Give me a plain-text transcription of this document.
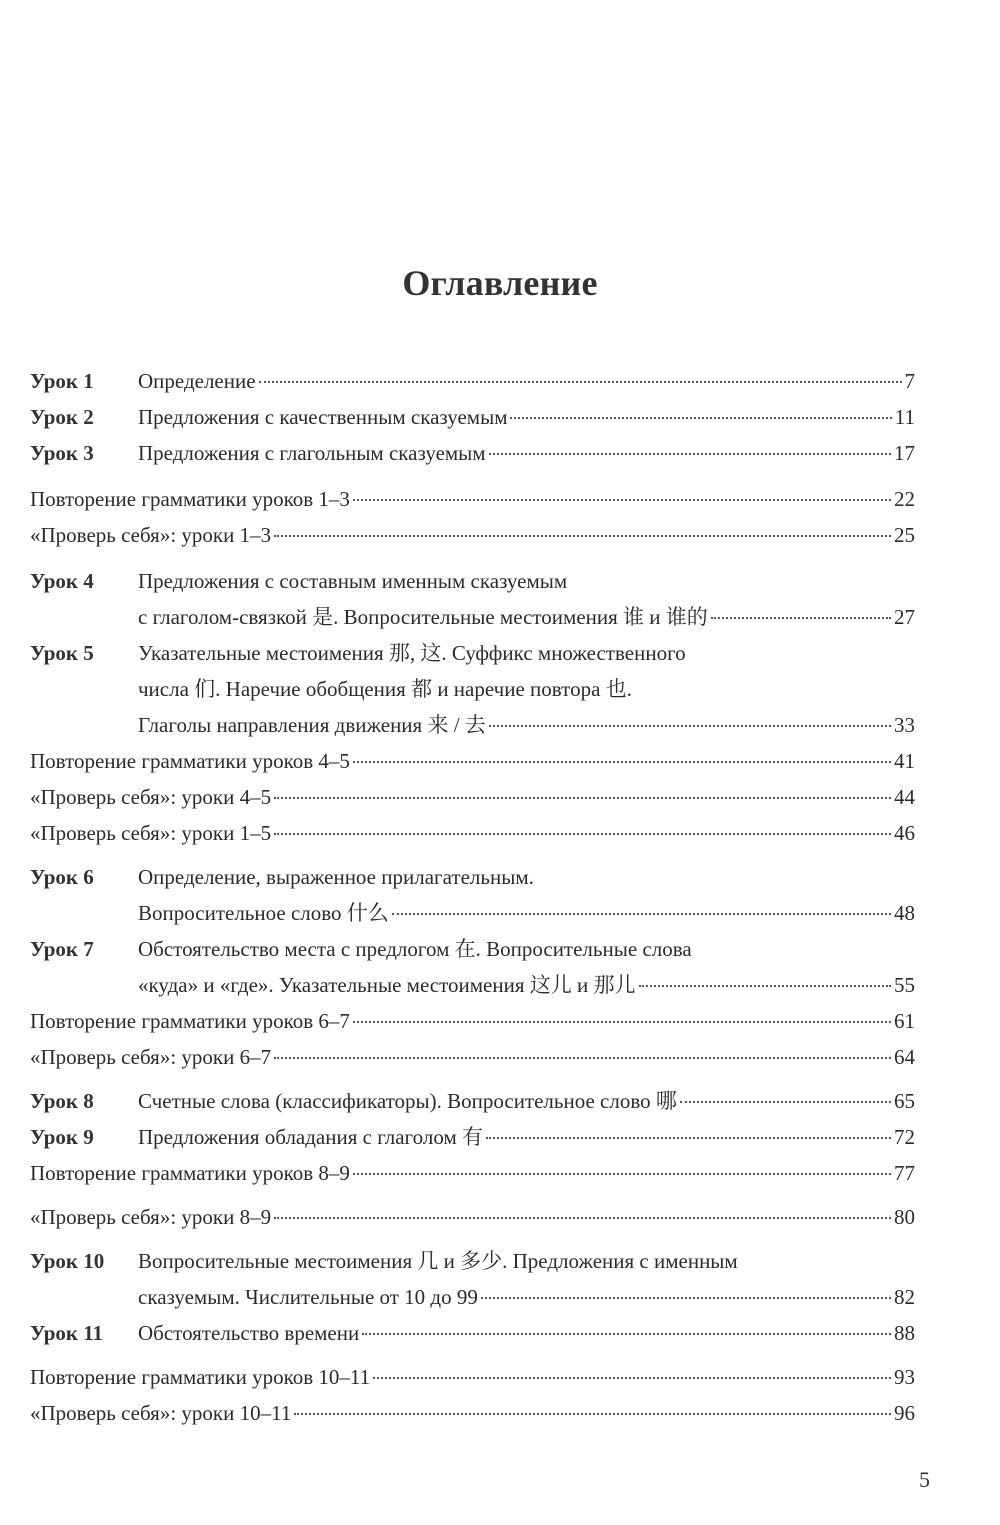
Оглавление
Урок 1	Определение	7
Урок 2	Предложения с качественным сказуемым	11
Урок 3	Предложения с глагольным сказуемым	17
Повторение грамматики уроков 1–3	22
«Проверь себя»: уроки 1–3	25
Урок 4	Предложения с составным именным сказуемым
с глаголом-связкой 是. Вопросительные местоимения 谁 и 谁的	27
Урок 5	Указательные местоимения 那, 这. Суффикс множественного
числа 们. Наречие обобщения 都 и наречие повтора 也.
Глаголы направления движения 来 / 去	33
Повторение грамматики уроков 4–5	41
«Проверь себя»: уроки 4–5	44
«Проверь себя»: уроки 1–5	46
Урок 6	Определение, выраженное прилагательным.
Вопросительное слово 什么	48
Урок 7	Обстоятельство места с предлогом 在. Вопросительные слова
«куда» и «где». Указательные местоимения 这儿 и 那儿	55
Повторение грамматики уроков 6–7	61
«Проверь себя»: уроки 6–7	64
Урок 8	Счетные слова (классификаторы). Вопросительное слово 哪	65
Урок 9	Предложения обладания с глаголом 有	72
Повторение грамматики уроков 8–9	77
«Проверь себя»: уроки 8–9	80
Урок 10	Вопросительные местоимения 几 и 多少. Предложения с именным
сказуемым. Числительные от 10 до 99	82
Урок 11	Обстоятельство времени	88
Повторение грамматики уроков 10–11	93
«Проверь себя»: уроки 10–11	96
5
